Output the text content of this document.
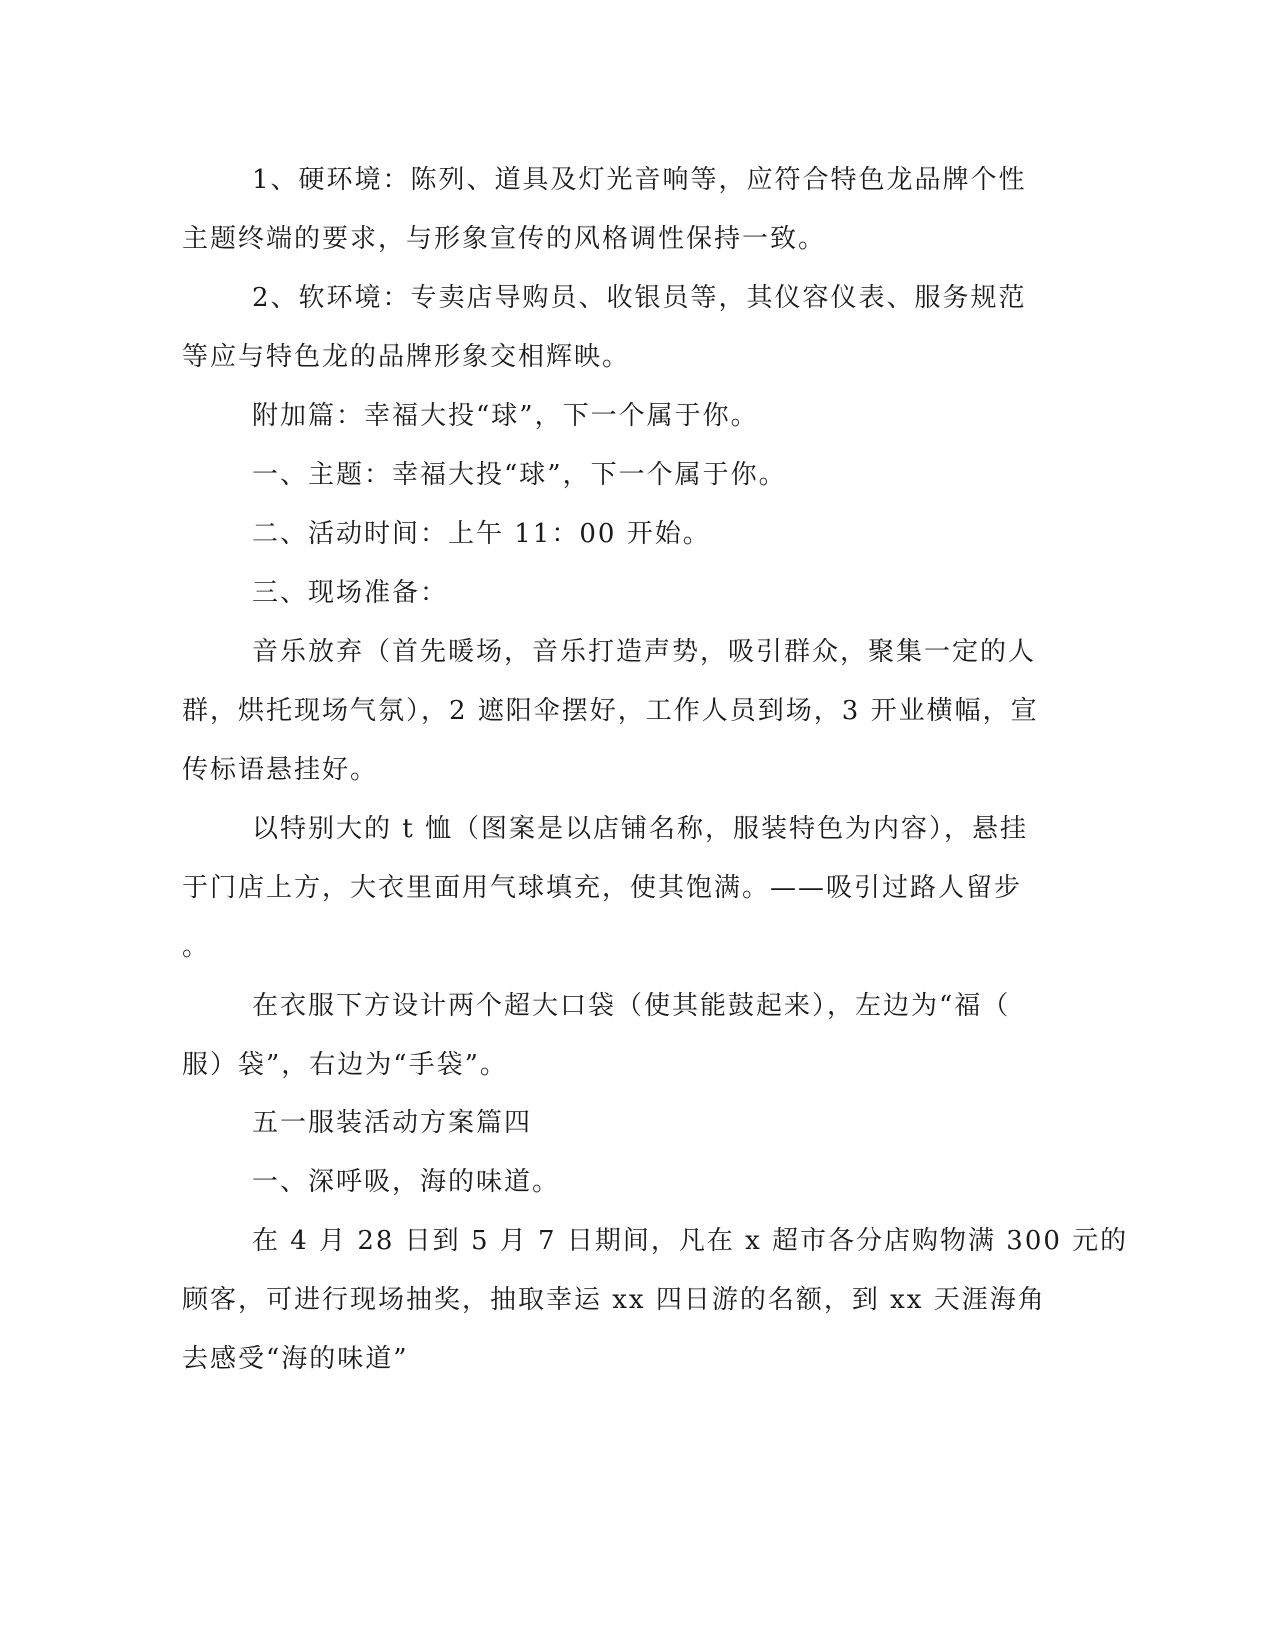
1、硬环境：陈列、道具及灯光音响等，应符合特色龙品牌个性
主题终端的要求，与形象宣传的风格调性保持一致。
2、软环境：专卖店导购员、收银员等，其仪容仪表、服务规范
等应与特色龙的品牌形象交相辉映。
附加篇：幸福大投“球”，下一个属于你。
一、主题：幸福大投“球”，下一个属于你。
二、活动时间：上午 11：00 开始。
三、现场准备：
音乐放弃（首先暖场，音乐打造声势，吸引群众，聚集一定的人
群，烘托现场气氛），2 遮阳伞摆好，工作人员到场，3 开业横幅，宣
传标语悬挂好。
以特别大的 t 恤（图案是以店铺名称，服装特色为内容），悬挂
于门店上方，大衣里面用气球填充，使其饱满。——吸引过路人留步
。
在衣服下方设计两个超大口袋（使其能鼓起来），左边为“福（
服）袋”，右边为“手袋”。
五一服装活动方案篇四
一、深呼吸，海的味道。
在 4 月 28 日到 5 月 7 日期间，凡在 x 超市各分店购物满 300 元的
顾客，可进行现场抽奖，抽取幸运 xx 四日游的名额，到 xx 天涯海角
去感受“海的味道”
